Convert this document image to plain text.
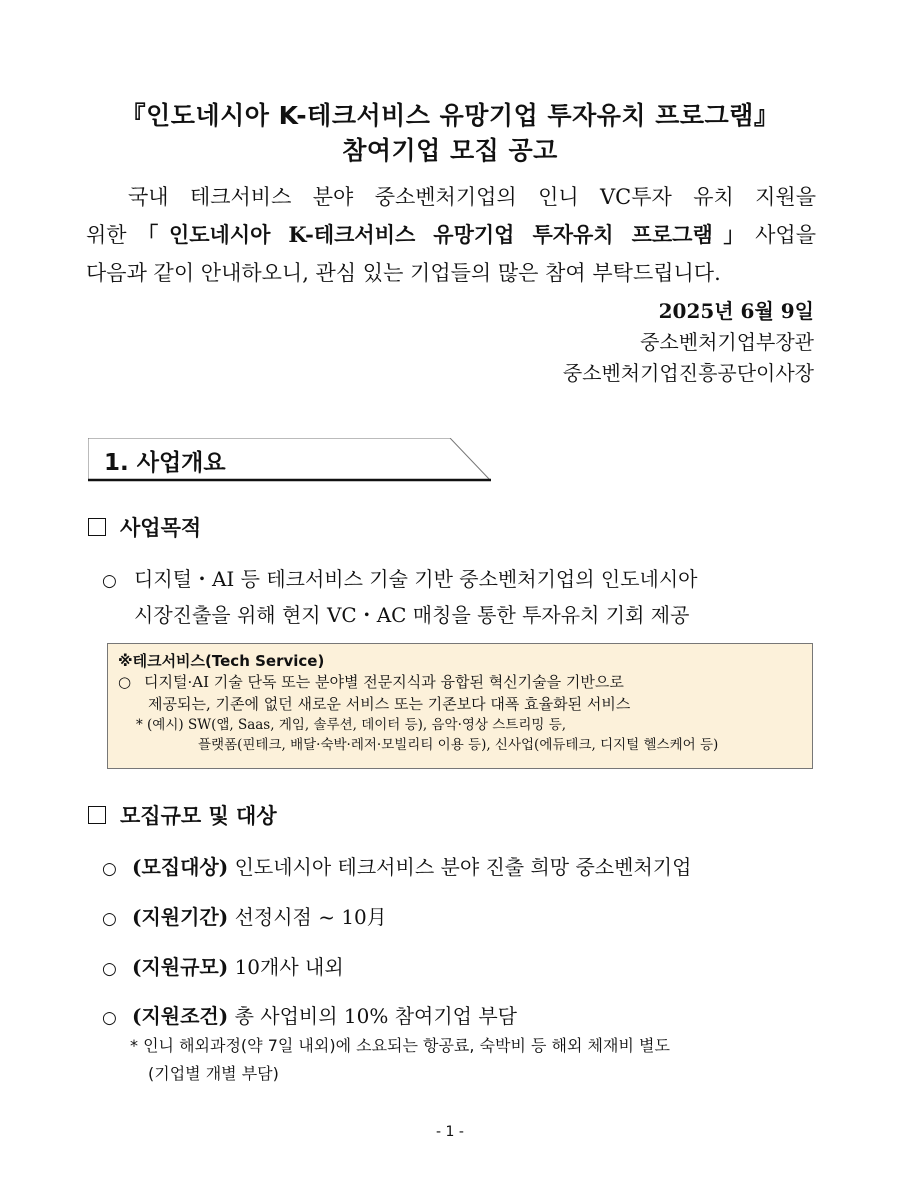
『인도네시아 K-테크서비스 유망기업 투자유치 프로그램』
참여기업 모집 공고
국내 테크서비스 분야 중소벤처기업의 인니 VC투자 유치 지원을
위한「인도네시아 K-테크서비스 유망기업 투자유치 프로그램」사업을
다음과 같이 안내하오니, 관심 있는 기업들의 많은 참여 부탁드립니다.
2025년 6월 9일
중소벤처기업부장관
중소벤처기업진흥공단이사장
1. 사업개요
사업목적
○ 디지털・AI 등 테크서비스 기술 기반 중소벤처기업의 인도네시아
시장진출을 위해 현지 VC・AC 매칭을 통한 투자유치 기회 제공
※테크서비스(Tech Service)
○ 디지털·AI 기술 단독 또는 분야별 전문지식과 융합된 혁신기술을 기반으로
제공되는, 기존에 없던 새로운 서비스 또는 기존보다 대폭 효율화된 서비스
* (예시) SW(앱, Saas, 게임, 솔루션, 데이터 등), 음악·영상 스트리밍 등,
플랫폼(핀테크, 배달·숙박·레저·모빌리티 이용 등), 신사업(에듀테크, 디지털 헬스케어 등)
모집규모 및 대상
○ (모집대상) 인도네시아 테크서비스 분야 진출 희망 중소벤처기업
○ (지원기간) 선정시점 ~ 10月
○ (지원규모) 10개사 내외
○ (지원조건) 총 사업비의 10% 참여기업 부담
* 인니 해외과정(약 7일 내외)에 소요되는 항공료, 숙박비 등 해외 체재비 별도
(기업별 개별 부담)
- 1 -
